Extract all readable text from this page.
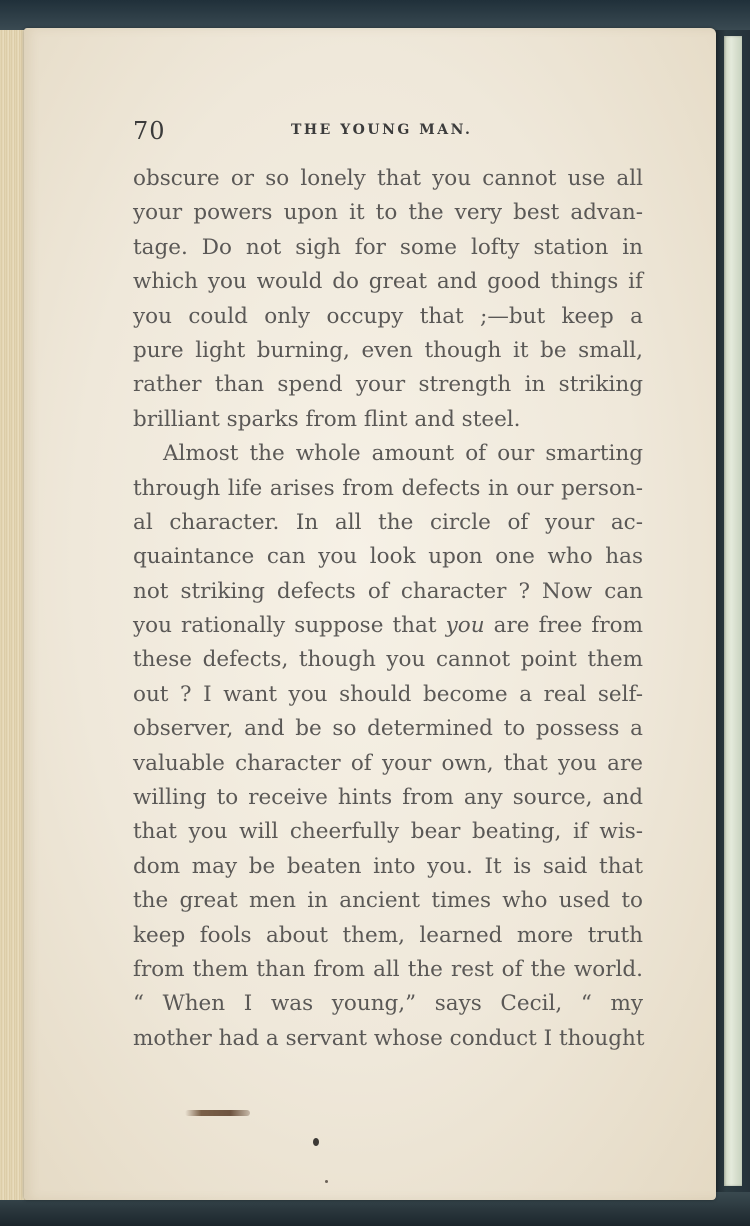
70	THE YOUNG MAN.
obscure or so lonely that you cannot use all
your powers upon it to the very best advan-
tage. Do not sigh for some lofty station in
which you would do great and good things if
you could only occupy that ;—but keep a
pure light burning, even though it be small,
rather than spend your strength in striking
brilliant sparks from flint and steel.
Almost the whole amount of our smarting
through life arises from defects in our person-
al character. In all the circle of your ac-
quaintance can you look upon one who has
not striking defects of character ? Now can
you rationally suppose that you are free from
these defects, though you cannot point them
out ? I want you should become a real self-
observer, and be so determined to possess a
valuable character of your own, that you are
willing to receive hints from any source, and
that you will cheerfully bear beating, if wis-
dom may be beaten into you. It is said that
the great men in ancient times who used to
keep fools about them, learned more truth
from them than from all the rest of the world.
“ When I was young,” says Cecil, “ my
mother had a servant whose conduct I thought
